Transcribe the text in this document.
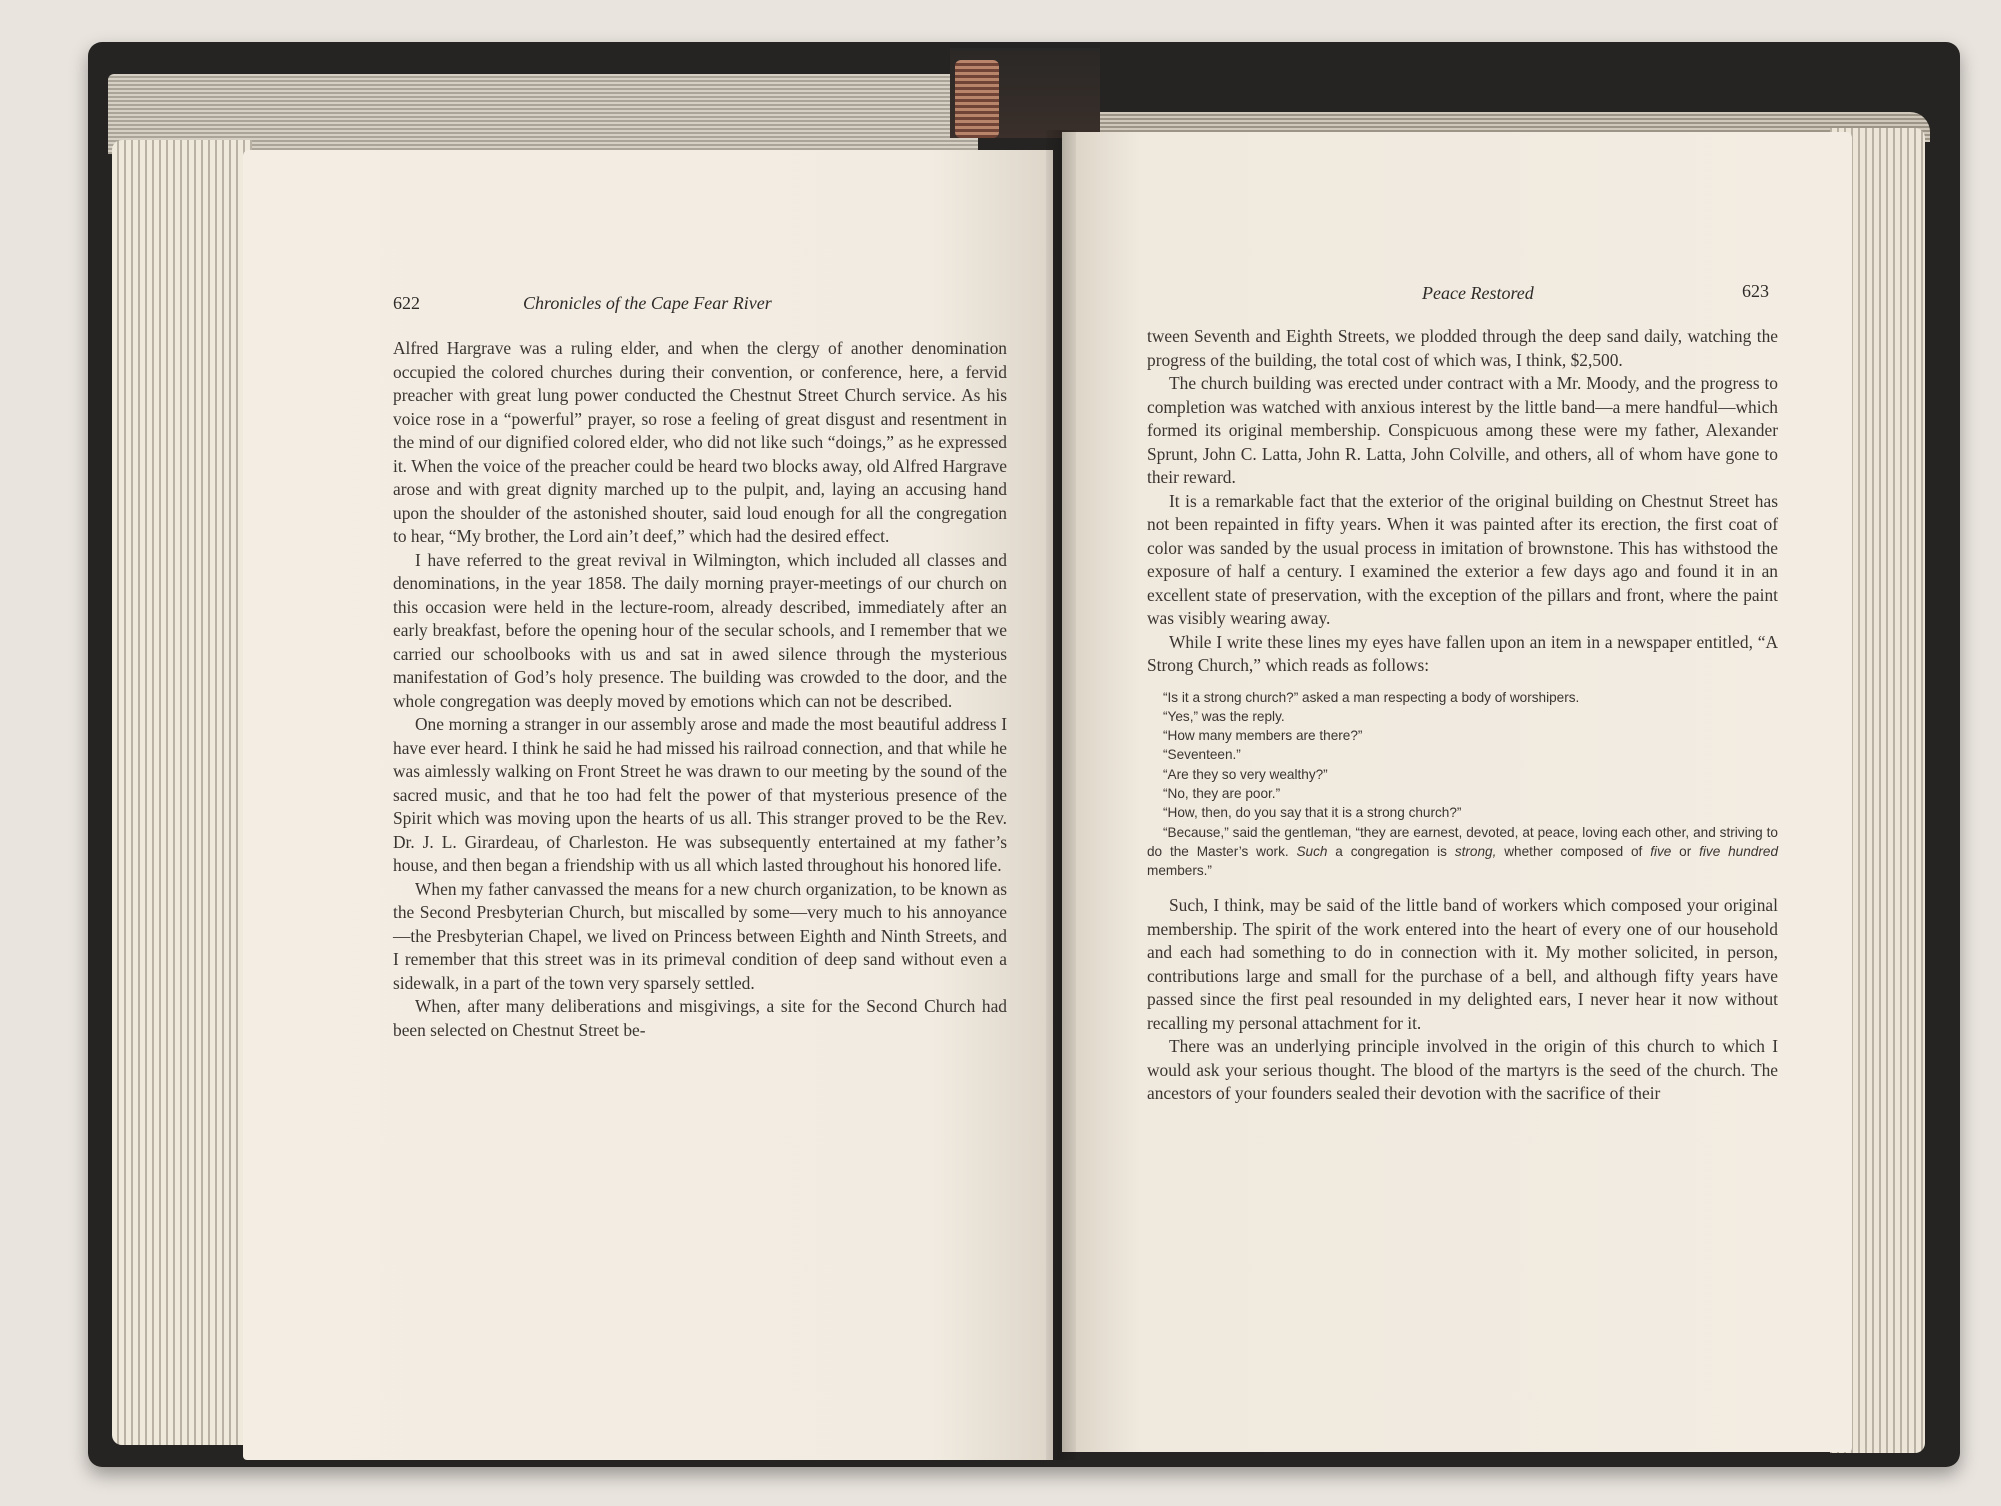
622	Chronicles of the Cape Fear River

Alfred Hargrave was a ruling elder, and when the clergy of another denomination occupied the colored churches during their convention, or conference, here, a fervid preacher with great lung power conducted the Chestnut Street Church service. As his voice rose in a “powerful” prayer, so rose a feeling of great disgust and resentment in the mind of our dignified colored elder, who did not like such “doings,” as he expressed it. When the voice of the preacher could be heard two blocks away, old Alfred Hargrave arose and with great dignity marched up to the pulpit, and, laying an accusing hand upon the shoulder of the astonished shouter, said loud enough for all the congregation to hear, “My brother, the Lord ain’t deef,” which had the desired effect.

I have referred to the great revival in Wilmington, which included all classes and denominations, in the year 1858. The daily morning prayer-meetings of our church on this occasion were held in the lecture-room, already described, immediately after an early breakfast, before the opening hour of the secular schools, and I remember that we carried our schoolbooks with us and sat in awed silence through the mysterious manifestation of God’s holy presence. The building was crowded to the door, and the whole congregation was deeply moved by emotions which can not be described.

One morning a stranger in our assembly arose and made the most beautiful address I have ever heard. I think he said he had missed his railroad connection, and that while he was aimlessly walking on Front Street he was drawn to our meeting by the sound of the sacred music, and that he too had felt the power of that mysterious presence of the Spirit which was moving upon the hearts of us all. This stranger proved to be the Rev. Dr. J. L. Girardeau, of Charleston. He was subsequently entertained at my father’s house, and then began a friendship with us all which lasted throughout his honored life.

When my father canvassed the means for a new church organization, to be known as the Second Presbyterian Church, but miscalled by some—very much to his annoyance—the Presbyterian Chapel, we lived on Princess between Eighth and Ninth Streets, and I remember that this street was in its primeval condition of deep sand without even a sidewalk, in a part of the town very sparsely settled.

When, after many deliberations and misgivings, a site for the Second Church had been selected on Chestnut Street be-

Peace Restored	623

tween Seventh and Eighth Streets, we plodded through the deep sand daily, watching the progress of the building, the total cost of which was, I think, $2,500.

The church building was erected under contract with a Mr. Moody, and the progress to completion was watched with anxious interest by the little band—a mere handful—which formed its original membership. Conspicuous among these were my father, Alexander Sprunt, John C. Latta, John R. Latta, John Colville, and others, all of whom have gone to their reward.

It is a remarkable fact that the exterior of the original building on Chestnut Street has not been repainted in fifty years. When it was painted after its erection, the first coat of color was sanded by the usual process in imitation of brownstone. This has withstood the exposure of half a century. I examined the exterior a few days ago and found it in an excellent state of preservation, with the exception of the pillars and front, where the paint was visibly wearing away.

While I write these lines my eyes have fallen upon an item in a newspaper entitled, “A Strong Church,” which reads as follows:

“Is it a strong church?” asked a man respecting a body of worshipers.
“Yes,” was the reply.
“How many members are there?”
“Seventeen.”
“Are they so very wealthy?”
“No, they are poor.”
“How, then, do you say that it is a strong church?”
“Because,” said the gentleman, “they are earnest, devoted, at peace, loving each other, and striving to do the Master’s work. Such a congregation is strong, whether composed of five or five hundred members.”

Such, I think, may be said of the little band of workers which composed your original membership. The spirit of the work entered into the heart of every one of our household and each had something to do in connection with it. My mother solicited, in person, contributions large and small for the purchase of a bell, and although fifty years have passed since the first peal resounded in my delighted ears, I never hear it now without recalling my personal attachment for it.

There was an underlying principle involved in the origin of this church to which I would ask your serious thought. The blood of the martyrs is the seed of the church. The ancestors of your founders sealed their devotion with the sacrifice of their
